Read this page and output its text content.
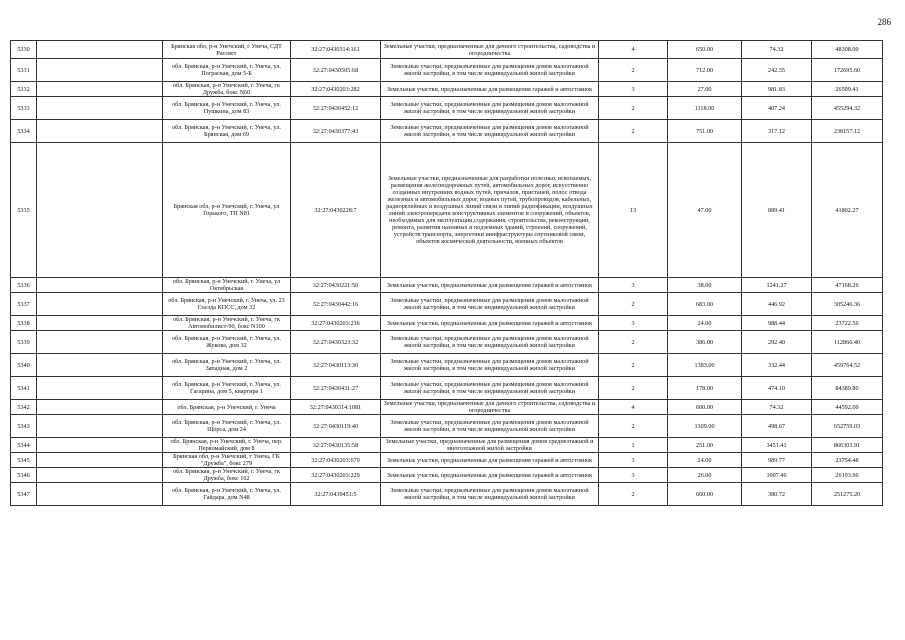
286
5330		Брянская обл, р-н Унечский, г Унеча, СДТ Рассвет	32:27:0430314:161	Земельные участки, предназначенные для дачного строительства, садоводства и огородничества	4	650.00	74.32	48308.00
5331		обл. Брянская, р-н Унечский, г. Унеча, ул. Пограская, дом 5-Б	32:27:0430505:68	Земельные участки, предназначенные для размещения домов малоэтажной жилой застройки, в том числе индивидуальной жилой застройки	2	712.00	242.55	172695.60
5332		обл. Брянская, р-н Унечский, г. Унеча, гк Дружба, бокс N60	32:27:0430203:282	Земельные участки, предназначенные для размещения гаражей и автостоянок	3	27.00	981.83	26509.41
5333		обл. Брянская, р-н Унечский, г. Унеча, ул. Пушкина, дом 83	32:27:0430452:12	Земельные участки, предназначенные для размещения домов малоэтажной жилой застройки, в том числе индивидуальной жилой застройки	2	1118.00	407.24	455294.32
5334		обл. Брянская, р-н Унечский, г. Унеча, ул. Брянская, дом 69	32:27:0430377:43	Земельные участки, предназначенные для размещения домов малоэтажной жилой застройки, в том числе индивидуальной жилой застройки	2	751.00	317.12	238157.12
5335		Брянская обл, р-н Унечский, г. Унеча, ул Горького, ТП N81	32:27:0430228:7	Земельные участки, предназначенные для разработки полезных ископаемых, размещения железнодорожных путей, автомобильных дорог, искусственно созданных внутренних водных путей, причалов, пристаней, полос отвода железных и автомобильных дорог, водных путей, трубопроводов, кабельных, радиорелейных и воздушных линий связи и линий радиофикации, воздушных линий электропередачи конструктивных элементов и сооружений, объектов, необходимых для эксплуатации,содержания, строительства, реконструкции, ремонта, развития наземных и подземных зданий, строений, сооружений, устройств транспорта, энергетики иинфраструктуры спутниковой связи, объектов космической деятельности, военных объектов	13	47.00	889.41	41802.27
5336		обл. Брянская, р-н Унечский, г. Унеча, ул Октябрьская	32:27:0430221:50	Земельные участки, предназначенные для размещения гаражей и автостоянок	3	38.00	1241.27	47168.26
5337		обл. Брянская, р-н Унечский, г. Унеча, ул. 23 Съезда КПСС, дом 32	32:27:0430442:16	Земельные участки, предназначенные для размещения домов малоэтажной жилой застройки, в том числе индивидуальной жилой застройки	2	683.00	446.92	305246.36
5338		обл. Брянская, р-н Унечский, г. Унеча, гк Автомобилист-90, бокс N100	32:27:0430203:236	Земельные участки, предназначенные для размещения гаражей и автостоянок	3	24.00	988.44	23722.56
5339		обл. Брянская, р-н Унечский, г. Унеча, ул. Жукова, дом 32	32:27:0430323:32	Земельные участки, предназначенные для размещения домов малоэтажной жилой застройки, в том числе индивидуальной жилой застройки	2	386.00	292.40	112866.40
5340		обл. Брянская, р-н Унечский, г. Унеча, ул. Западная, дом 2	32:27:0430113:30	Земельные участки, предназначенные для размещения домов малоэтажной жилой застройки, в том числе индивидуальной жилой застройки	2	1383.00	332.44	459764.52
5341		обл. Брянская, р-н Унечский, г. Унеча, ул. Гагарина, дом 5, квартира 1	32:27:0430431:27	Земельные участки, предназначенные для размещения домов малоэтажной жилой застройки, в том числе индивидуальной жилой застройки	2	178.00	474.10	84389.80
5342		обл. Брянская, р-н Унечский, г. Унеча	32:27:0430314:1081	Земельные участки, предназначенные для дачного строительства, садоводства и огородничества	4	600.00	74.32	44592.00
5343		обл. Брянская, р-н Унечский, г. Унеча, ул. Щорса, дом 24	32:27:0430119:40	Земельные участки, предназначенные для размещения домов малоэтажной жилой застройки, в том числе индивидуальной жилой застройки	2	1309.00	498.67	652759.03
5344		обл. Брянская, р-н Унечский, г. Унеча, пер. Первомайский, дом 8	32:27:0430135:58	Земельные участки, предназначенные для размещения домов среднеэтажной и многоэтажной жилой застройки	1	251.00	3451.41	866303.91
5345		Брянская обл, р-н Унечский, г Унеча, ГК "Дружба", бокс 279	32:27:0430203:679	Земельные участки, предназначенные для размещения гаражей и автостоянок	3	24.00	989.77	23754.48
5346		обл. Брянская, р-н Унечский, г. Унеча, гк Дружба, бокс 162	32:27:0430203:229	Земельные участки, предназначенные для размещения гаражей и автостоянок	3	26.00	1007.46	26193.96
5347		обл. Брянская, р-н Унечский, г. Унеча, ул. Гайдара, дом N48	32:27:0430451:5	Земельные участки, предназначенные для размещения домов малоэтажной жилой застройки, в том числе индивидуальной жилой застройки	2	660.00	380.72	251275.20
